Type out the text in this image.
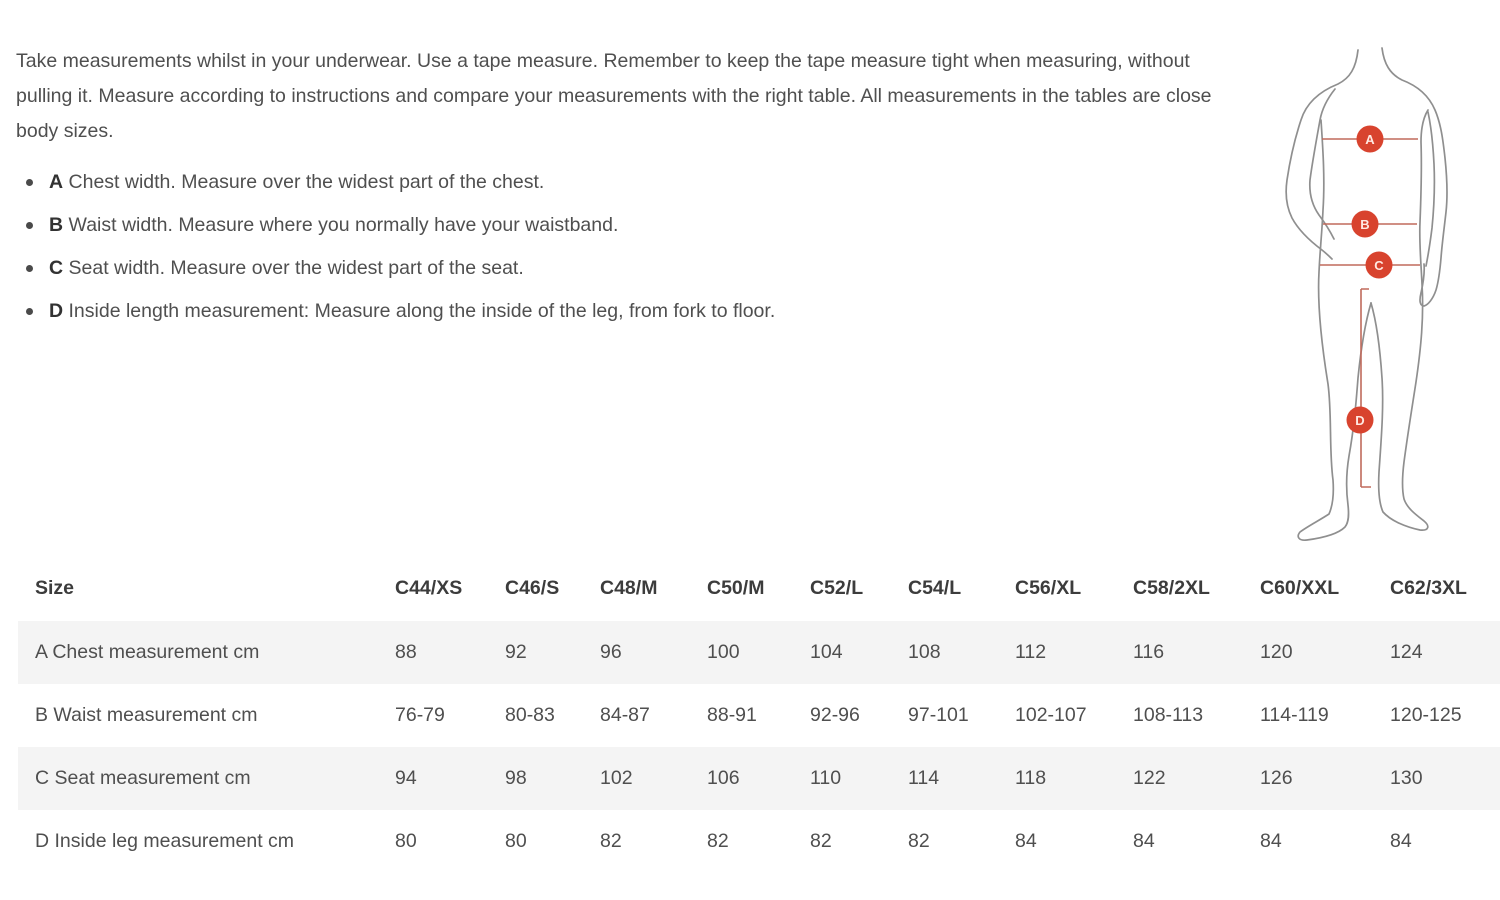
Take measurements whilst in your underwear. Use a tape measure. Remember to keep the tape measure tight when measuring, without pulling it. Measure according to instructions and compare your measurements with the right table. All measurements in the tables are close body sizes.

A Chest width. Measure over the widest part of the chest.
B Waist width. Measure where you normally have your waistband.
C Seat width. Measure over the widest part of the seat.
D Inside length measurement: Measure along the inside of the leg, from fork to floor.
A
B
C
D
Size	C44/XS	C46/S	C48/M	C50/M	C52/L	C54/L	C56/XL	C58/2XL	C60/XXL	C62/3XL
A Chest measurement cm	88	92	96	100	104	108	112	116	120	124
B Waist measurement cm	76-79	80-83	84-87	88-91	92-96	97-101	102-107	108-113	114-119	120-125
C Seat measurement cm	94	98	102	106	110	114	118	122	126	130
D Inside leg measurement cm	80	80	82	82	82	82	84	84	84	84
